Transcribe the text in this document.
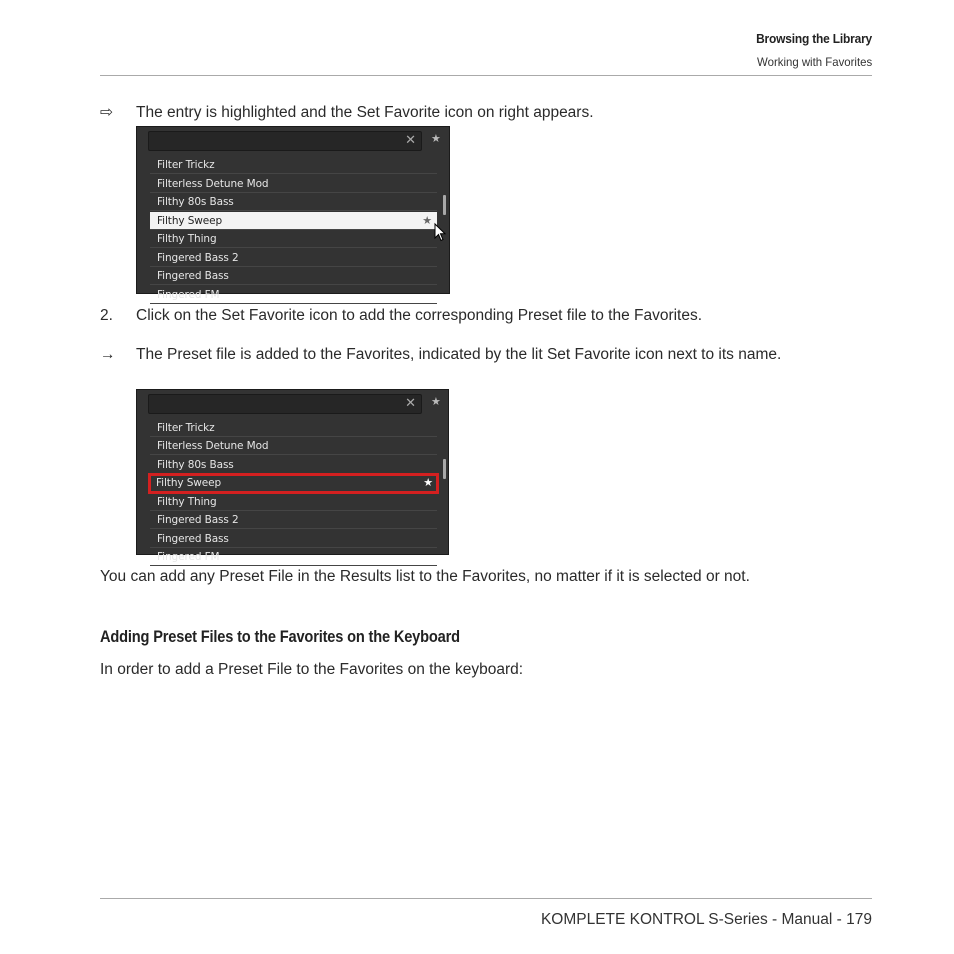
Browsing the Library
Working with Favorites
⇨ The entry is highlighted and the Set Favorite icon on right appears.
✕ ★
Filter Trickz
Filterless Detune Mod
Filthy 80s Bass
Filthy Sweep	★
Filthy Thing
Fingered Bass 2
Fingered Bass
Fingered FM
2. Click on the Set Favorite icon to add the corresponding Preset file to the Favorites.
→ The Preset file is added to the Favorites, indicated by the lit Set Favorite icon next to its name.
✕ ★
Filter Trickz
Filterless Detune Mod
Filthy 80s Bass
Filthy Sweep	★
Filthy Thing
Fingered Bass 2
Fingered Bass
Fingered FM
You can add any Preset File in the Results list to the Favorites, no matter if it is selected or not.
Adding Preset Files to the Favorites on the Keyboard
In order to add a Preset File to the Favorites on the keyboard:
KOMPLETE KONTROL S-Series - Manual - 179
